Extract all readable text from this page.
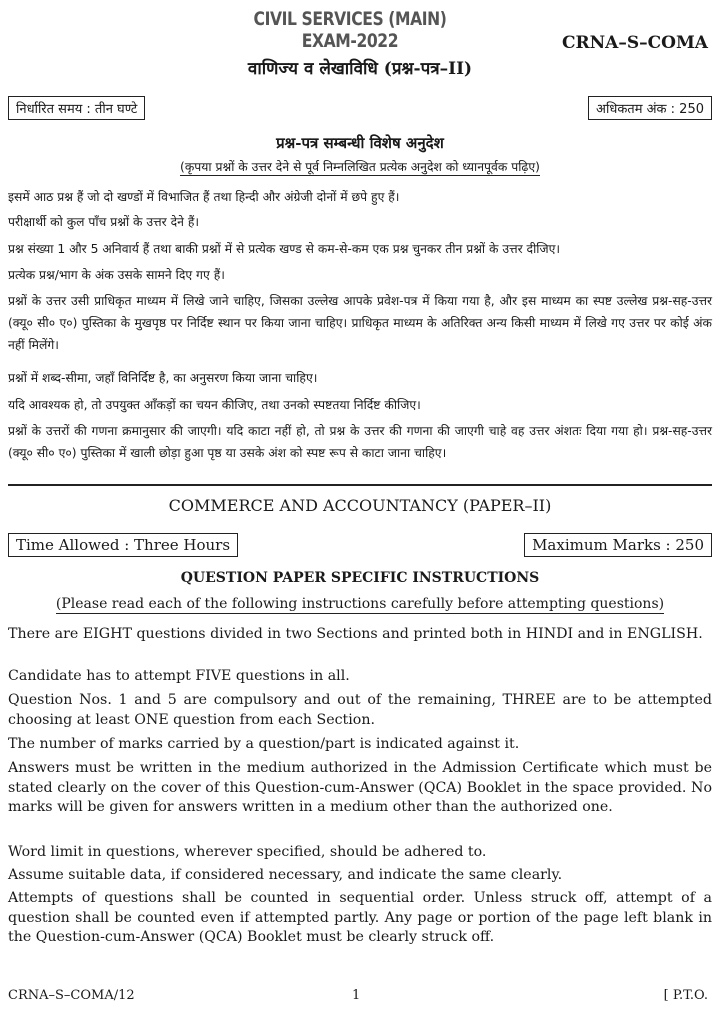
CIVIL SERVICES (MAIN) EXAM-2022	CRNA–S–COMA
वाणिज्य व लेखाविधि (प्रश्न-पत्र–II)
निर्धारित समय : तीन घण्टे	अधिकतम अंक : 250
प्रश्न-पत्र सम्बन्धी विशेष अनुदेश
(कृपया प्रश्नों के उत्तर देने से पूर्व निम्नलिखित प्रत्येक अनुदेश को ध्यानपूर्वक पढ़िए)
इसमें आठ प्रश्न हैं जो दो खण्डों में विभाजित हैं तथा हिन्दी और अंग्रेजी दोनों में छपे हुए हैं।
परीक्षार्थी को कुल पाँच प्रश्नों के उत्तर देने हैं।
प्रश्न संख्या 1 और 5 अनिवार्य हैं तथा बाकी प्रश्नों में से प्रत्येक खण्ड से कम-से-कम एक प्रश्न चुनकर तीन प्रश्नों के उत्तर दीजिए।
प्रत्येक प्रश्न/भाग के अंक उसके सामने दिए गए हैं।
प्रश्नों के उत्तर उसी प्राधिकृत माध्यम में लिखे जाने चाहिए, जिसका उल्लेख आपके प्रवेश-पत्र में किया गया है, और इस माध्यम का स्पष्ट उल्लेख प्रश्न-सह-उत्तर (क्यू० सी० ए०) पुस्तिका के मुखपृष्ठ पर निर्दिष्ट स्थान पर किया जाना चाहिए। प्राधिकृत माध्यम के अतिरिक्त अन्य किसी माध्यम में लिखे गए उत्तर पर कोई अंक नहीं मिलेंगे।
प्रश्नों में शब्द-सीमा, जहाँ विनिर्दिष्ट है, का अनुसरण किया जाना चाहिए।
यदि आवश्यक हो, तो उपयुक्त आँकड़ों का चयन कीजिए, तथा उनको स्पष्टतया निर्दिष्ट कीजिए।
प्रश्नों के उत्तरों की गणना क्रमानुसार की जाएगी। यदि काटा नहीं हो, तो प्रश्न के उत्तर की गणना की जाएगी चाहे वह उत्तर अंशतः दिया गया हो। प्रश्न-सह-उत्तर (क्यू० सी० ए०) पुस्तिका में खाली छोड़ा हुआ पृष्ठ या उसके अंश को स्पष्ट रूप से काटा जाना चाहिए।
COMMERCE AND ACCOUNTANCY (PAPER–II)
Time Allowed : Three Hours	Maximum Marks : 250
QUESTION PAPER SPECIFIC INSTRUCTIONS
(Please read each of the following instructions carefully before attempting questions)
There are EIGHT questions divided in two Sections and printed both in HINDI and in ENGLISH.
Candidate has to attempt FIVE questions in all.
Question Nos. 1 and 5 are compulsory and out of the remaining, THREE are to be attempted choosing at least ONE question from each Section.
The number of marks carried by a question/part is indicated against it.
Answers must be written in the medium authorized in the Admission Certificate which must be stated clearly on the cover of this Question-cum-Answer (QCA) Booklet in the space provided. No marks will be given for answers written in a medium other than the authorized one.
Word limit in questions, wherever specified, should be adhered to.
Assume suitable data, if considered necessary, and indicate the same clearly.
Attempts of questions shall be counted in sequential order. Unless struck off, attempt of a question shall be counted even if attempted partly. Any page or portion of the page left blank in the Question-cum-Answer (QCA) Booklet must be clearly struck off.
CRNA–S–COMA/12	1	[ P.T.O.
